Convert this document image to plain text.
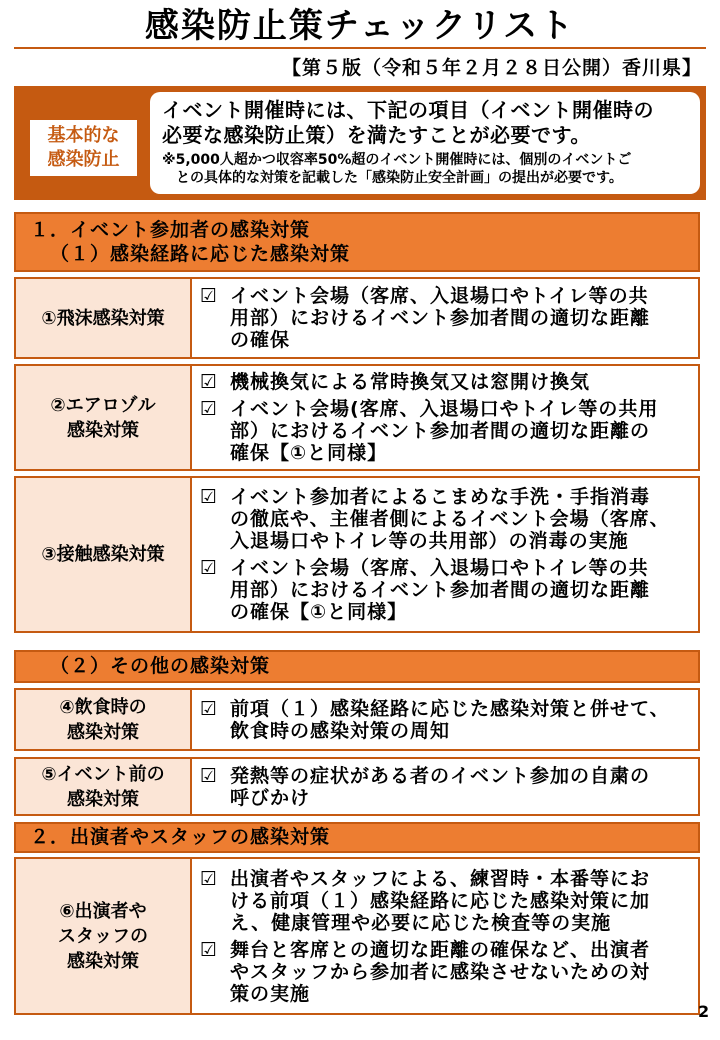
感染防止策チェックリスト
【第５版（令和５年２月２８日公開）香川県】
基本的な
感染防止
イベント開催時には、下記の項目（イベント開催時の
必要な感染防止策）を満たすことが必要です。
※5,000人超かつ収容率50%超のイベント開催時には、個別のイベントご
との具体的な対策を記載した「感染防止安全計画」の提出が必要です。
１．イベント参加者の感染対策
（１）感染経路に応じた感染対策
①飛沫感染対策
☑ イベント会場（客席、入退場口やトイレ等の共
用部）におけるイベント参加者間の適切な距離
の確保
②エアロゾル
感染対策
☑ 機械換気による常時換気又は窓開け換気
☑ イベント会場(客席、入退場口やトイレ等の共用
部）におけるイベント参加者間の適切な距離の
確保【①と同様】
③接触感染対策
☑ イベント参加者によるこまめな手洗・手指消毒
の徹底や、主催者側によるイベント会場（客席、
入退場口やトイレ等の共用部）の消毒の実施
☑ イベント会場（客席、入退場口やトイレ等の共
用部）におけるイベント参加者間の適切な距離
の確保【①と同様】
（２）その他の感染対策
④飲食時の
感染対策
☑ 前項（１）感染経路に応じた感染対策と併せて、
飲食時の感染対策の周知
⑤イベント前の
感染対策
☑ 発熱等の症状がある者のイベント参加の自粛の
呼びかけ
２．出演者やスタッフの感染対策
⑥出演者や
スタッフの
感染対策
☑ 出演者やスタッフによる、練習時・本番等にお
ける前項（１）感染経路に応じた感染対策に加
え、健康管理や必要に応じた検査等の実施
☑ 舞台と客席との適切な距離の確保など、出演者
やスタッフから参加者に感染させないための対
策の実施
2
